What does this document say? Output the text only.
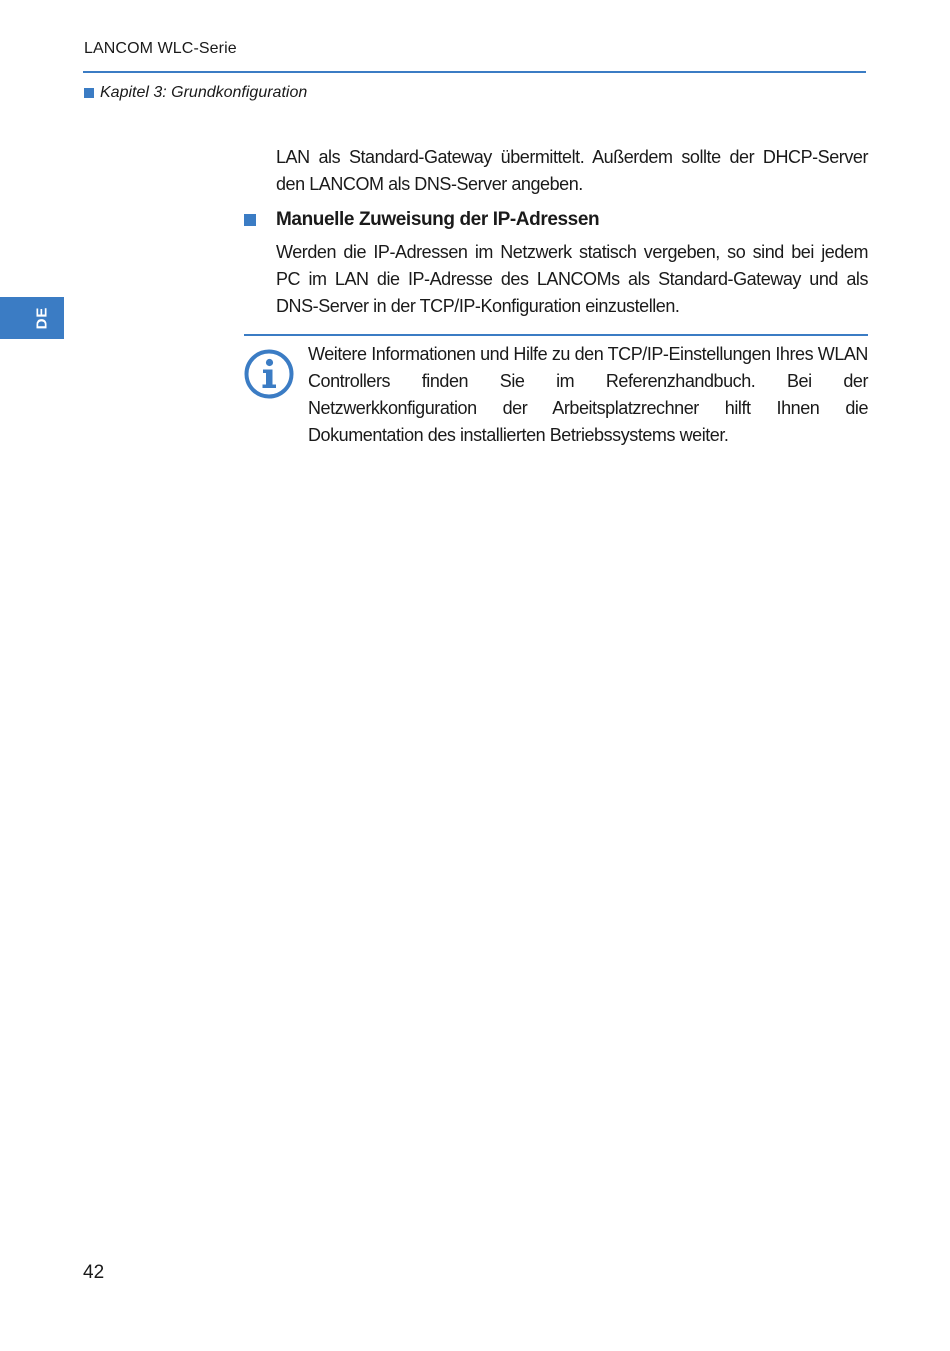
LANCOM WLC-Serie
Kapitel 3: Grundkonfiguration
DE
LAN als Standard-Gateway übermittelt. Außerdem sollte der DHCP-Server den LANCOM als DNS-Server angeben.
Manuelle Zuweisung der IP-Adressen
Werden die IP-Adressen im Netzwerk statisch vergeben, so sind bei jedem PC im LAN die IP-Adresse des LANCOMs als Standard-Gateway und als DNS-Server in der TCP/IP-Konfiguration einzustellen.
Weitere Informationen und Hilfe zu den TCP/IP-Einstellungen Ihres WLAN Controllers finden Sie im Referenzhandbuch. Bei der Netzwerkkonfiguration der Arbeitsplatzrechner hilft Ihnen die Dokumentation des installierten Betriebssystems weiter.
42
